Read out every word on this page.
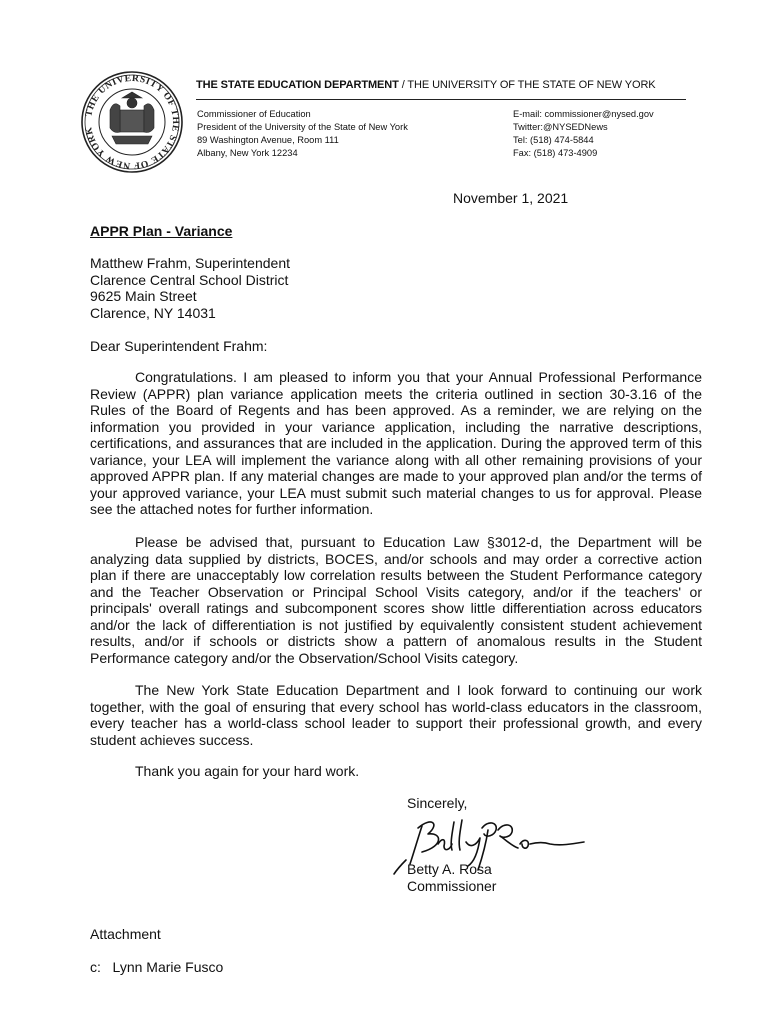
THE UNIVERSITY OF THE STATE OF NEW YORK
THE STATE EDUCATION DEPARTMENT / THE UNIVERSITY OF THE STATE OF NEW YORK
Commissioner of Education
President of the University of the State of New York
89 Washington Avenue, Room 111
Albany, New York 12234
E-mail: commissioner@nysed.gov
Twitter:@NYSEDNews
Tel: (518) 474-5844
Fax: (518) 473-4909
November 1, 2021
APPR Plan - Variance
Matthew Frahm, Superintendent
Clarence Central School District
9625 Main Street
Clarence, NY 14031
Dear Superintendent Frahm:

Congratulations. I am pleased to inform you that your Annual Professional Performance Review (APPR) plan variance application meets the criteria outlined in section 30-3.16 of the Rules of the Board of Regents and has been approved. As a reminder, we are relying on the information you provided in your variance application, including the narrative descriptions, certifications, and assurances that are included in the application. During the approved term of this variance, your LEA will implement the variance along with all other remaining provisions of your approved APPR plan. If any material changes are made to your approved plan and/or the terms of your approved variance, your LEA must submit such material changes to us for approval. Please see the attached notes for further information.

Please be advised that, pursuant to Education Law §3012-d, the Department will be analyzing data supplied by districts, BOCES, and/or schools and may order a corrective action plan if there are unacceptably low correlation results between the Student Performance category and the Teacher Observation or Principal School Visits category, and/or if the teachers' or principals' overall ratings and subcomponent scores show little differentiation across educators and/or the lack of differentiation is not justified by equivalently consistent student achievement results, and/or if schools or districts show a pattern of anomalous results in the Student Performance category and/or the Observation/School Visits category.

The New York State Education Department and I look forward to continuing our work together, with the goal of ensuring that every school has world-class educators in the classroom, every teacher has a world-class school leader to support their professional growth, and every student achieves success.

Thank you again for your hard work.
Sincerely,
Betty A. Rosa
Commissioner
Attachment
c:   Lynn Marie Fusco
